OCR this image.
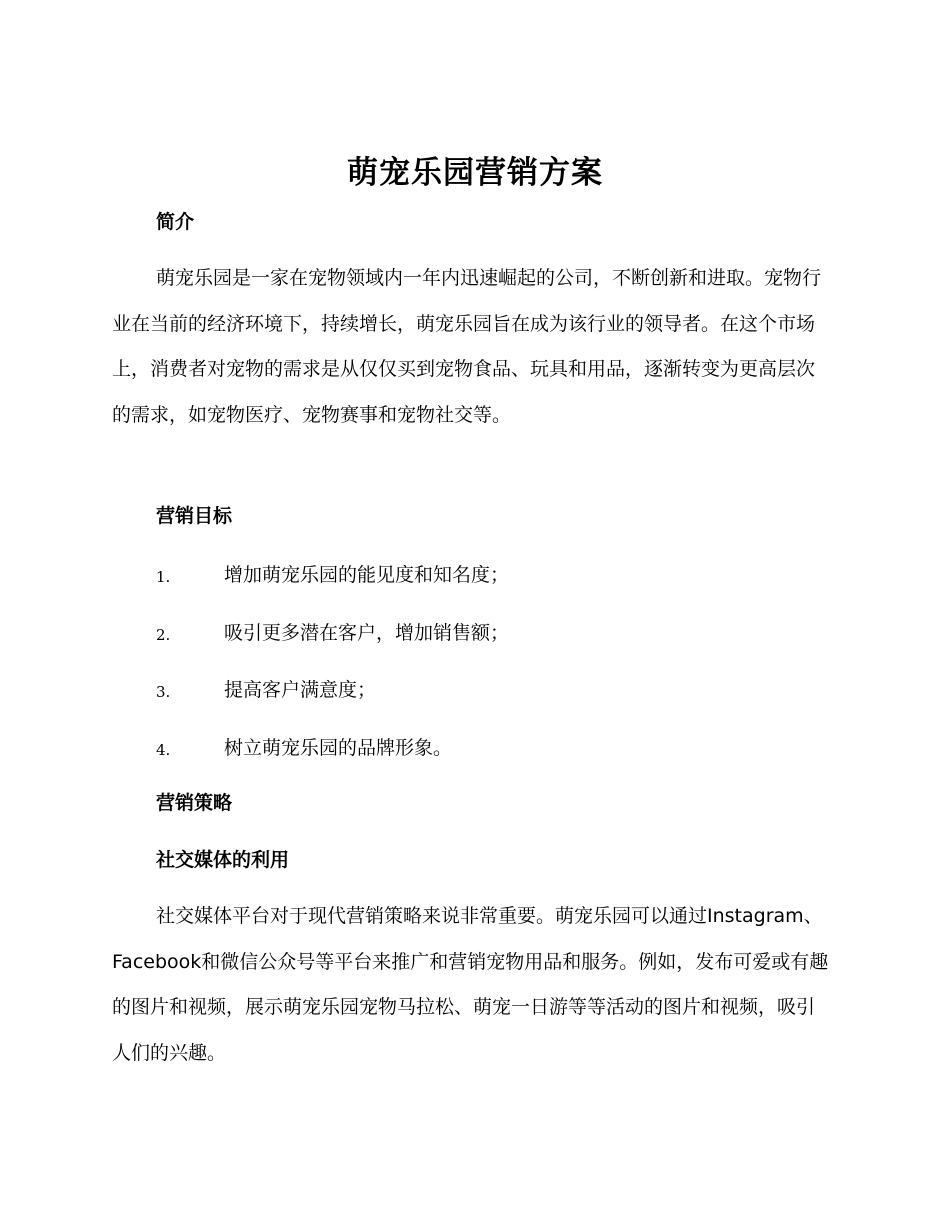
萌宠乐园营销方案
简介

萌宠乐园是一家在宠物领域内一年内迅速崛起的公司，不断创新和进取。宠物行业在当前的经济环境下，持续增长，萌宠乐园旨在成为该行业的领导者。在这个市场上，消费者对宠物的需求是从仅仅买到宠物食品、玩具和用品，逐渐转变为更高层次的需求，如宠物医疗、宠物赛事和宠物社交等。

营销目标
1.	增加萌宠乐园的能见度和知名度；
2.	吸引更多潜在客户，增加销售额；
3.	提高客户满意度；
4.	树立萌宠乐园的品牌形象。
营销策略
社交媒体的利用

社交媒体平台对于现代营销策略来说非常重要。萌宠乐园可以通过Instagram、Facebook和微信公众号等平台来推广和营销宠物用品和服务。例如，发布可爱或有趣的图片和视频，展示萌宠乐园宠物马拉松、萌宠一日游等等活动的图片和视频，吸引人们的兴趣。
